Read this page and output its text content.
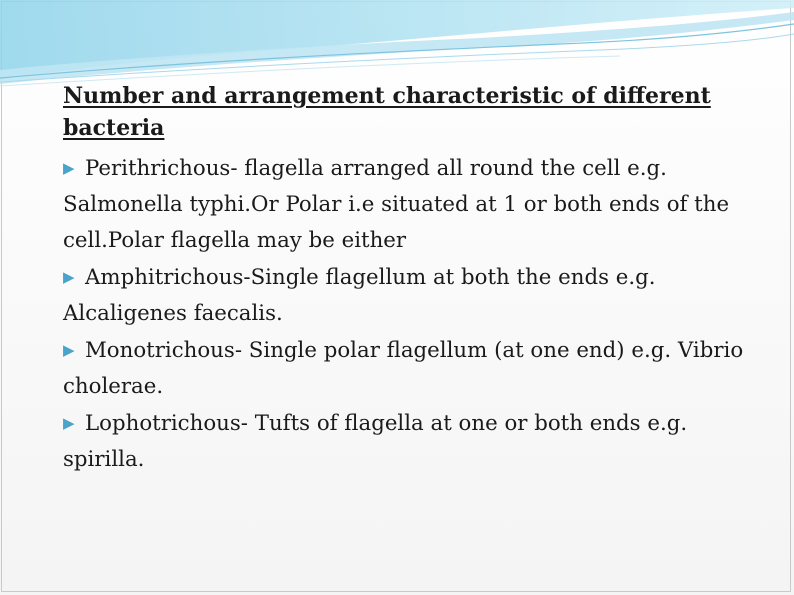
Number and arrangement characteristic of different bacteria

▶ Perithrichous- flagella arranged all round the cell e.g. Salmonella typhi.Or Polar i.e situated at 1 or both ends of the cell.Polar flagella may be either

▶ Amphitrichous-Single flagellum at both the ends e.g. Alcaligenes faecalis.

▶ Monotrichous- Single polar flagellum (at one end) e.g. Vibrio cholerae.

▶ Lophotrichous- Tufts of flagella at one or both ends e.g. spirilla.
